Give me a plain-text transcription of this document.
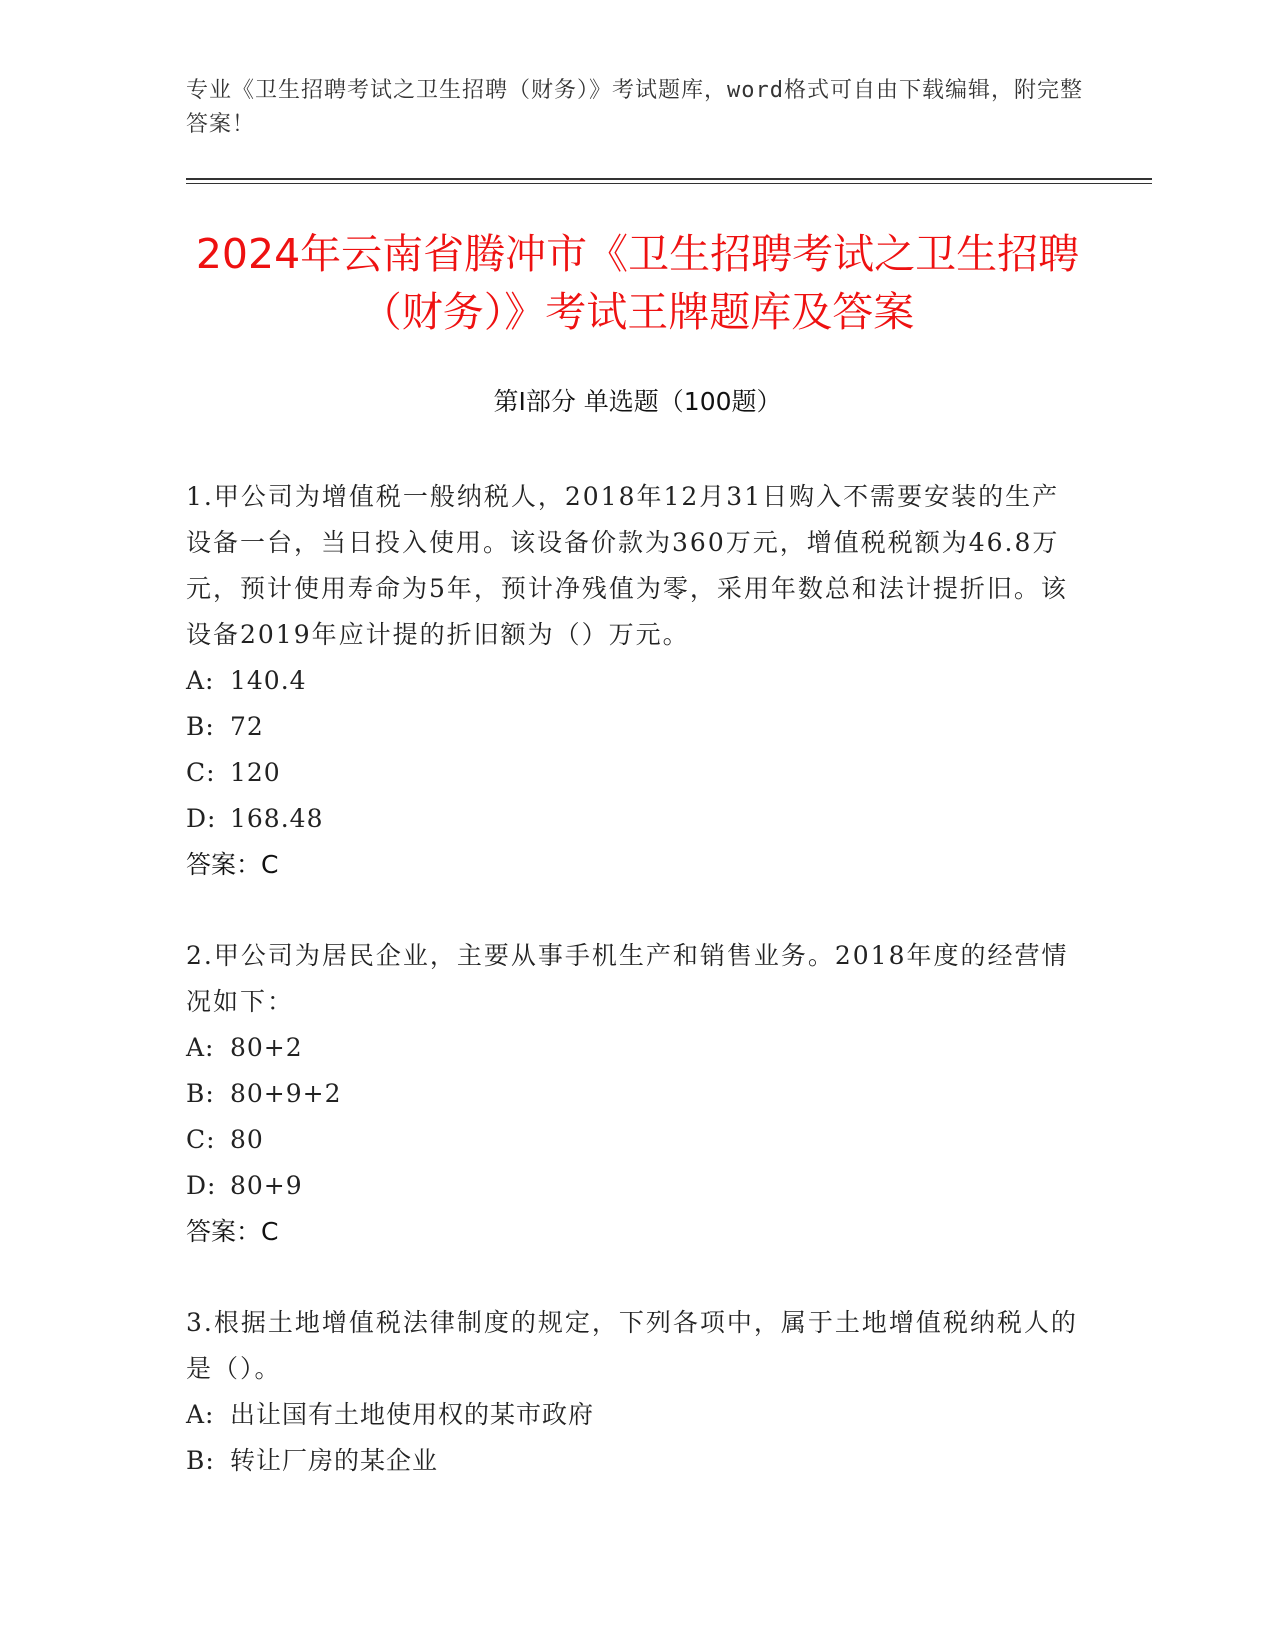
专业《卫生招聘考试之卫生招聘（财务）》考试题库，word格式可自由下载编辑，附完整答案！
2024年云南省腾冲市《卫生招聘考试之卫生招聘（财务）》考试王牌题库及答案
第Ⅰ部分 单选题（100题）
1.甲公司为增值税一般纳税人，2018年12月31日购入不需要安装的生产设备一台，当日投入使用。该设备价款为360万元，增值税税额为46.8万元，预计使用寿命为5年，预计净残值为零，采用年数总和法计提折旧。该设备2019年应计提的折旧额为（）万元。
A: 140.4
B: 72
C: 120
D: 168.48
答案：C
2.甲公司为居民企业，主要从事手机生产和销售业务。2018年度的经营情况如下：
A: 80+2
B: 80+9+2
C: 80
D: 80+9
答案：C
3.根据土地增值税法律制度的规定，下列各项中，属于土地增值税纳税人的是（）。
A: 出让国有土地使用权的某市政府
B: 转让厂房的某企业
